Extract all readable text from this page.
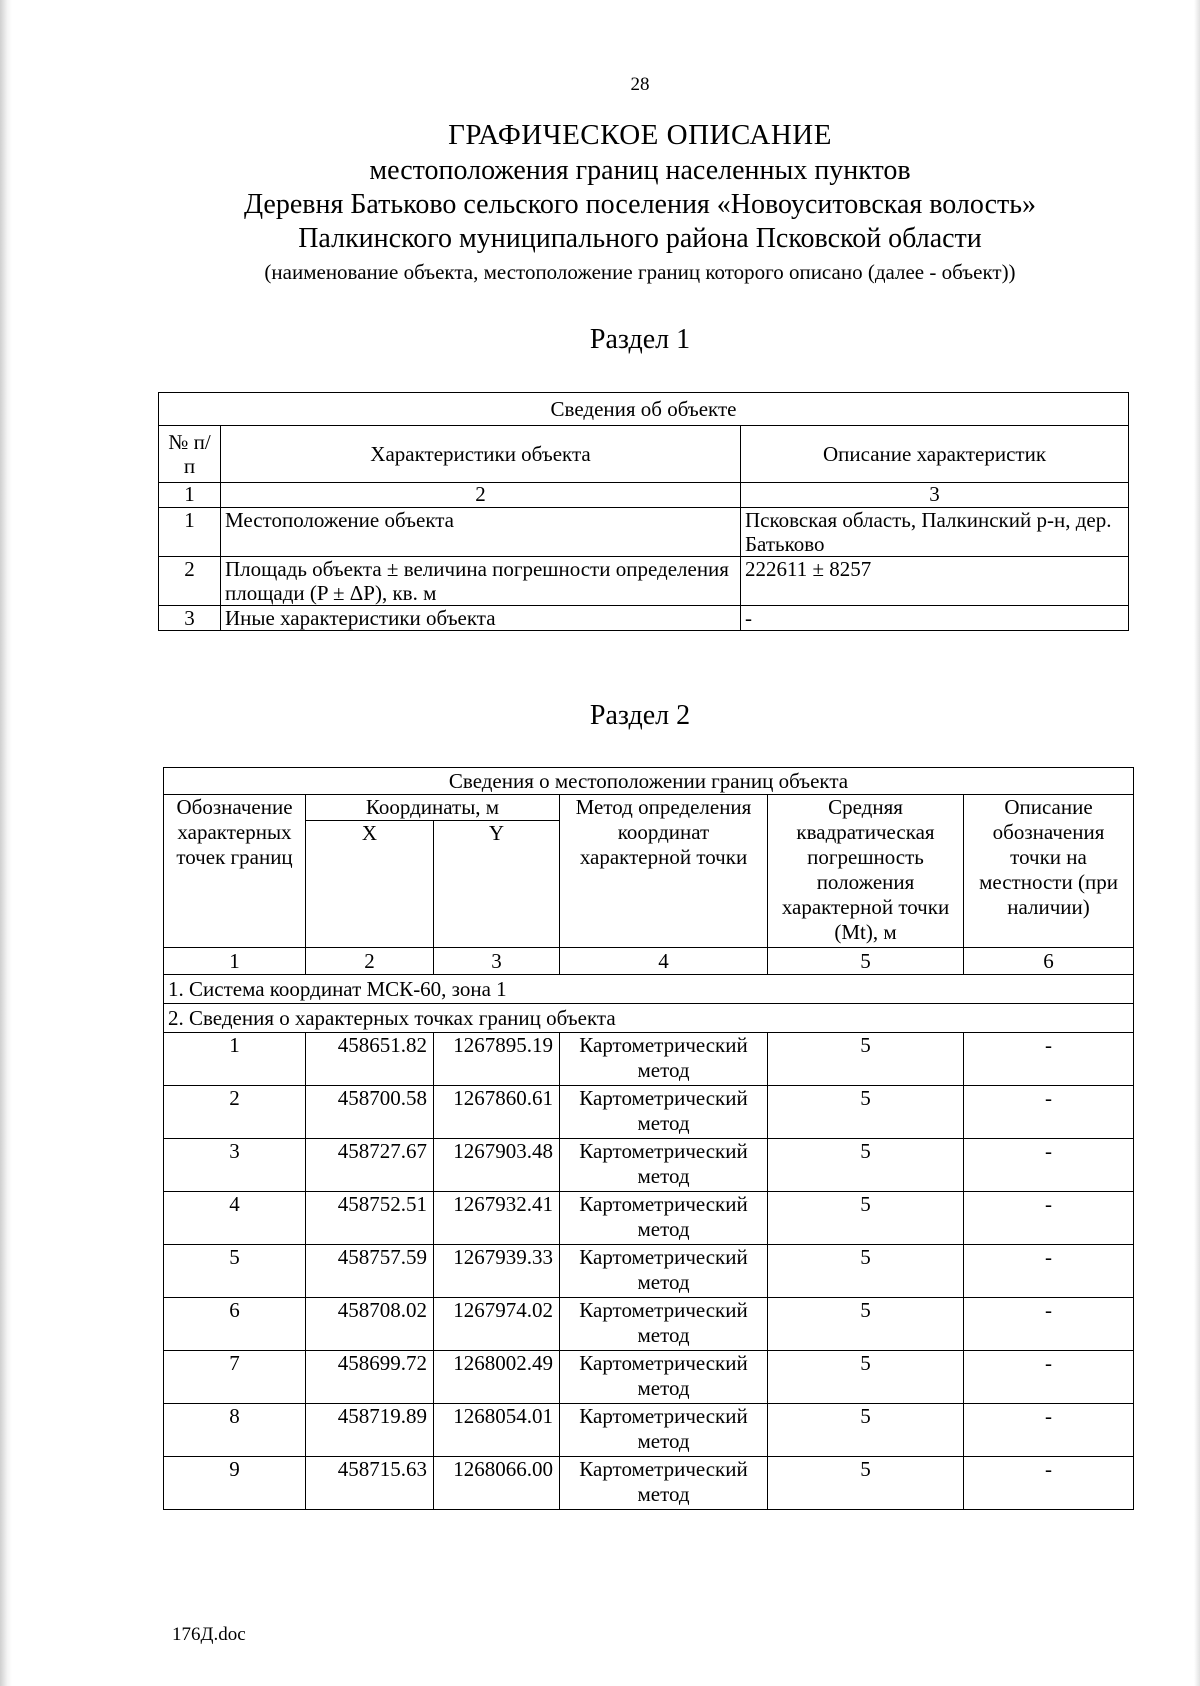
28
ГРАФИЧЕСКОЕ ОПИСАНИЕ
местоположения границ населенных пунктов
Деревня Батьково сельского поселения «Новоуситовская волость»
Палкинского муниципального района Псковской области
(наименование объекта, местоположение границ которого описано (далее - объект))
Раздел 1
Сведения об объекте		
№ п/п	Характеристики объекта	Описание характеристик
1	2	3
1	Местоположение объекта	Псковская область, Палкинский р-н, дер. Батьково
2	Площадь объекта ± величина погрешности определения площади (P ± ΔP), кв. м	222611 ± 8257
3	Иные характеристики объекта	-
Раздел 2
Сведения о местоположении границ объекта					
Обозначение характерных точек границ	Координаты, м		Метод определения координат характерной точки	Средняя квадратическая погрешность положения характерной точки (Mt), м	Описание обозначения точки на местности (при наличии)
	X	Y			
1	2	3	4	5	6
1. Система координат МСК-60, зона 1					
2. Сведения о характерных точках границ объекта					
1	458651.82	1267895.19	Картометрический метод	5	-
2	458700.58	1267860.61	Картометрический метод	5	-
3	458727.67	1267903.48	Картометрический метод	5	-
4	458752.51	1267932.41	Картометрический метод	5	-
5	458757.59	1267939.33	Картометрический метод	5	-
6	458708.02	1267974.02	Картометрический метод	5	-
7	458699.72	1268002.49	Картометрический метод	5	-
8	458719.89	1268054.01	Картометрический метод	5	-
9	458715.63	1268066.00	Картометрический метод	5	-
176Д.doc
